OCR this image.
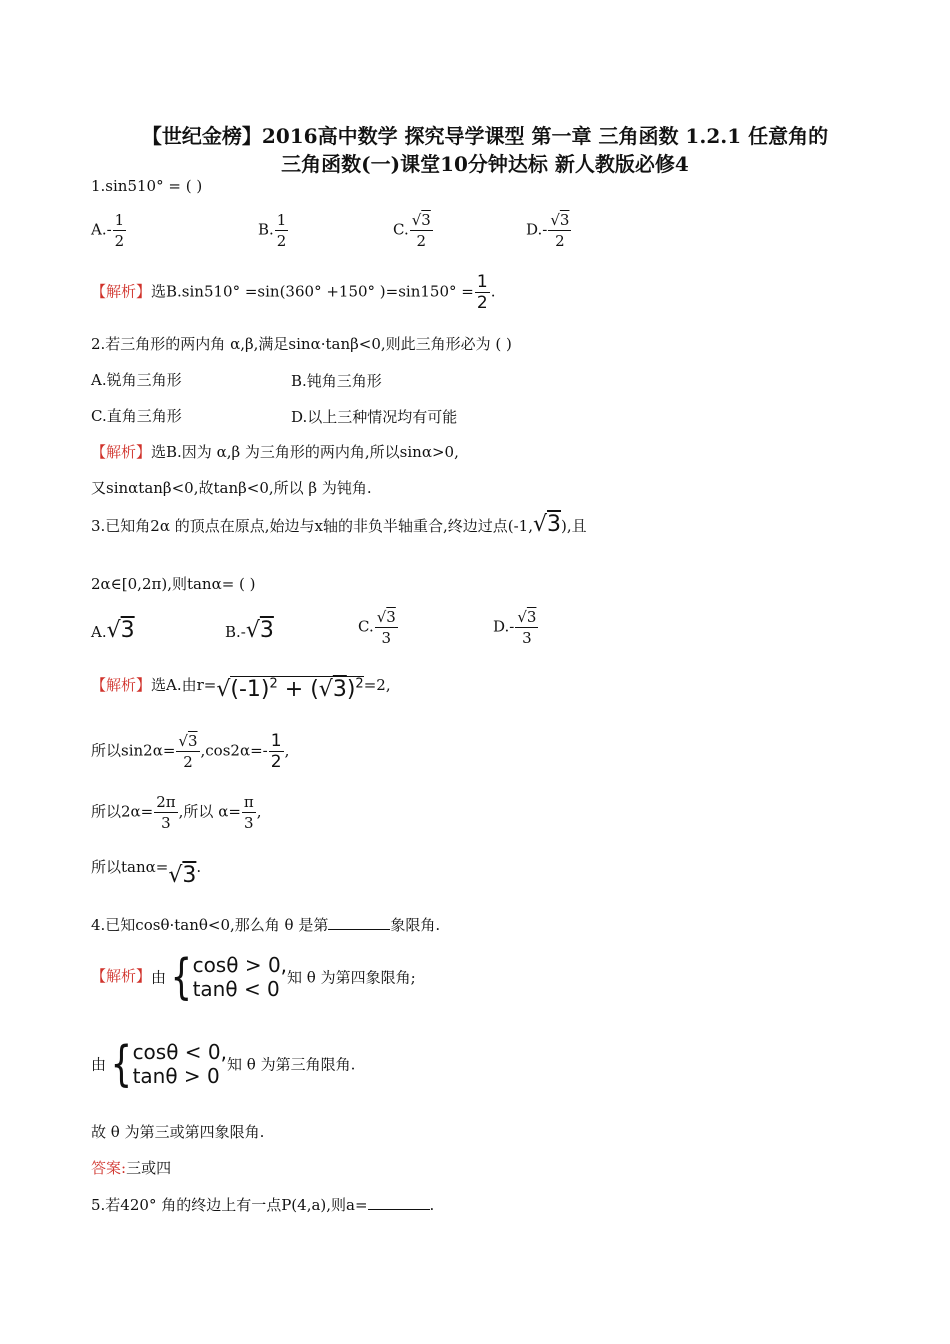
【世纪金榜】2016高中数学 探究导学课型 第一章 三角函数 1.2.1 任意角的
三角函数(一)课堂10分钟达标 新人教版必修4
1.sin510° = ( )
$A.- \frac{1}{2}$	B. $\frac{1}{2}$	C. $\frac{√3}{2}$	$D.- \frac{√3}{2}$
【解析】选B.sin510° =sin(360° +150° )$=\sin 150^\circ = \frac{1}{2}$ .
2.若三角形的两内角 α,β,满足sinα·tanβ<0,则此三角形必为 ( )
A.锐角三角形	B.钝角三角形
C.直角三角形	D.以上三种情况均有可能
【解析】选B.因为 α,β 为三角形的两内角,所以sinα>0,
又sinαtanβ<0,故tanβ<0,所以 β 为钝角.
3.已知角2α 的顶点在原点,始边与x轴的非负半轴重合,终边过点(-1,√3),且
2α∈[0,2π),则tanα= ( )
A.√3	B.-√3	C. $\frac{√3}{3}$	$D.- \frac{√3}{3}$
【解析】选A.由$r=√(-1)^2 + (√3)^2=2$,
所以$\sin 2\alpha= \frac{√3}{2} ,\cos 2\alpha=- \frac{1}{2}$ ,
所以$2\alpha= \frac{2\pi}{3}$ ,所以 $\alpha= \frac{\pi}{3}$ ,
所以tanα=√3.
4.已知cosθ·tanθ<0,那么角 θ 是第	象限角.
【解析】由{ cosθ > 0,
tanθ < 0 知 θ 为第四象限角;
由{ cosθ < 0,
tanθ > 0 知 θ 为第三角限角.
故 θ 为第三或第四象限角.
答案:三或四
5.若420° 角的终边上有一点P(4,a),则a=	.
